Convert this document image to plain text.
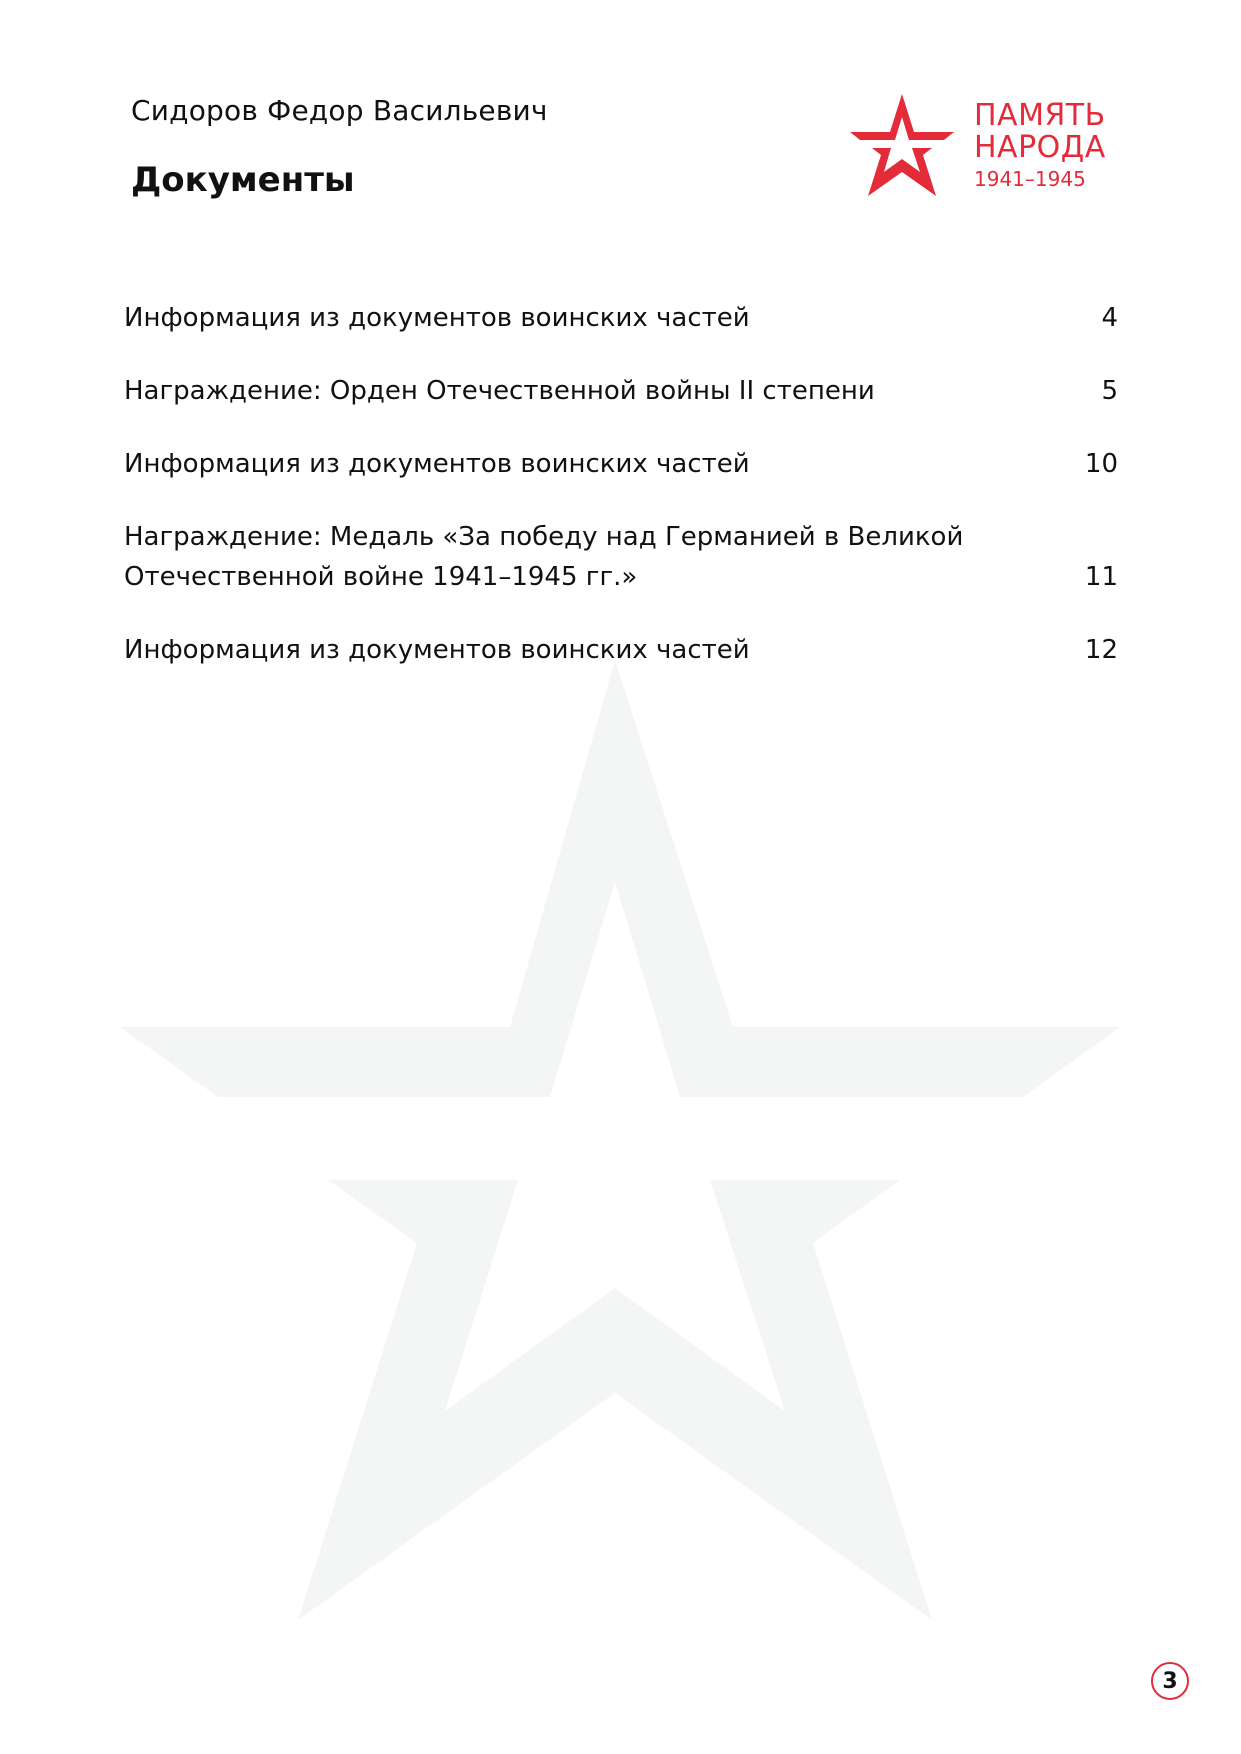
Сидоров Федор Васильевич
Документы
ПАМЯТЬ
НАРОДА
1941–1945
Информация из документов воинских частей	4
Награждение: Орден Отечественной войны II степени	5
Информация из документов воинских частей	10
Награждение: Медаль «За победу над Германией в Великой Отечественной войне 1941–1945 гг.»	11
Информация из документов воинских частей	12
3
